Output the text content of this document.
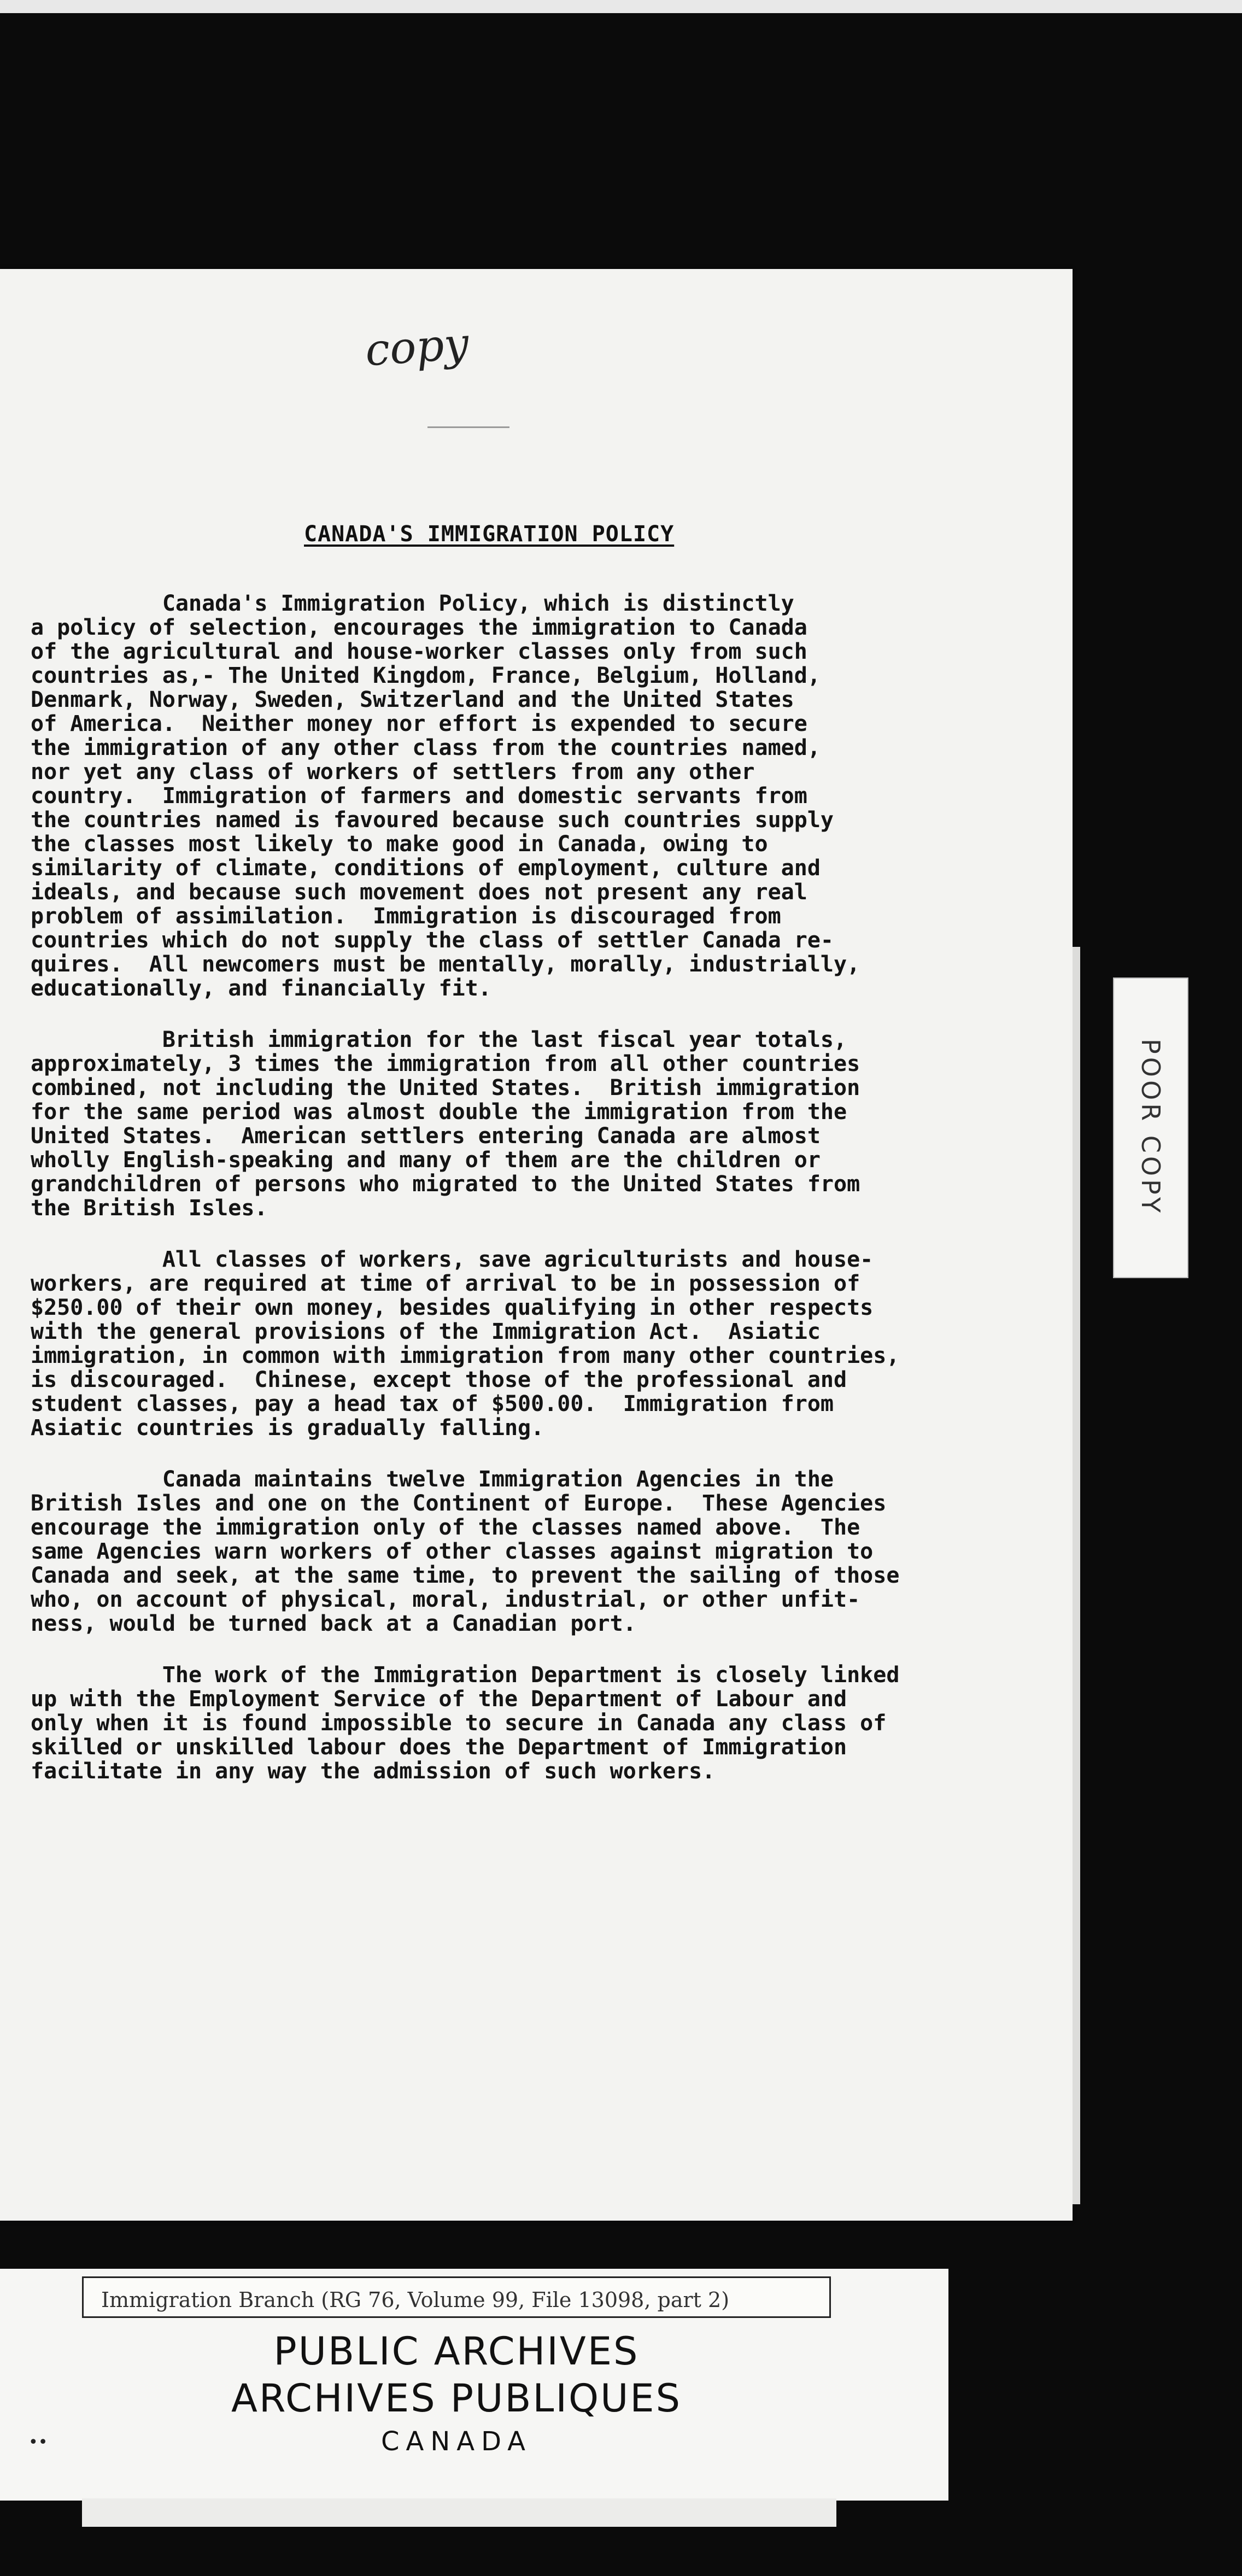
copy
CANADA'S IMMIGRATION POLICY
Canada's Immigration Policy, which is distinctly
a policy of selection, encourages the immigration to Canada
of the agricultural and house-worker classes only from such
countries as,- The United Kingdom, France, Belgium, Holland,
Denmark, Norway, Sweden, Switzerland and the United States
of America.  Neither money nor effort is expended to secure
the immigration of any other class from the countries named,
nor yet any class of workers of settlers from any other
country.  Immigration of farmers and domestic servants from
the countries named is favoured because such countries supply
the classes most likely to make good in Canada, owing to
similarity of climate, conditions of employment, culture and
ideals, and because such movement does not present any real
problem of assimilation.  Immigration is discouraged from
countries which do not supply the class of settler Canada re-
quires.  All newcomers must be mentally, morally, industrially,
educationally, and financially fit.
British immigration for the last fiscal year totals,
approximately, 3 times the immigration from all other countries
combined, not including the United States.  British immigration
for the same period was almost double the immigration from the
United States.  American settlers entering Canada are almost
wholly English-speaking and many of them are the children or
grandchildren of persons who migrated to the United States from
the British Isles.
All classes of workers, save agriculturists and house-
workers, are required at time of arrival to be in possession of
$250.00 of their own money, besides qualifying in other respects
with the general provisions of the Immigration Act.  Asiatic
immigration, in common with immigration from many other countries,
is discouraged.  Chinese, except those of the professional and
student classes, pay a head tax of $500.00.  Immigration from
Asiatic countries is gradually falling.
Canada maintains twelve Immigration Agencies in the
British Isles and one on the Continent of Europe.  These Agencies
encourage the immigration only of the classes named above.  The
same Agencies warn workers of other classes against migration to
Canada and seek, at the same time, to prevent the sailing of those
who, on account of physical, moral, industrial, or other unfit-
ness, would be turned back at a Canadian port.
The work of the Immigration Department is closely linked
up with the Employment Service of the Department of Labour and
only when it is found impossible to secure in Canada any class of
skilled or unskilled labour does the Department of Immigration
facilitate in any way the admission of such workers.
POOR COPY
Immigration Branch (RG 76, Volume 99, File 13098, part 2)
PUBLIC ARCHIVES
ARCHIVES PUBLIQUES
CANADA
••
